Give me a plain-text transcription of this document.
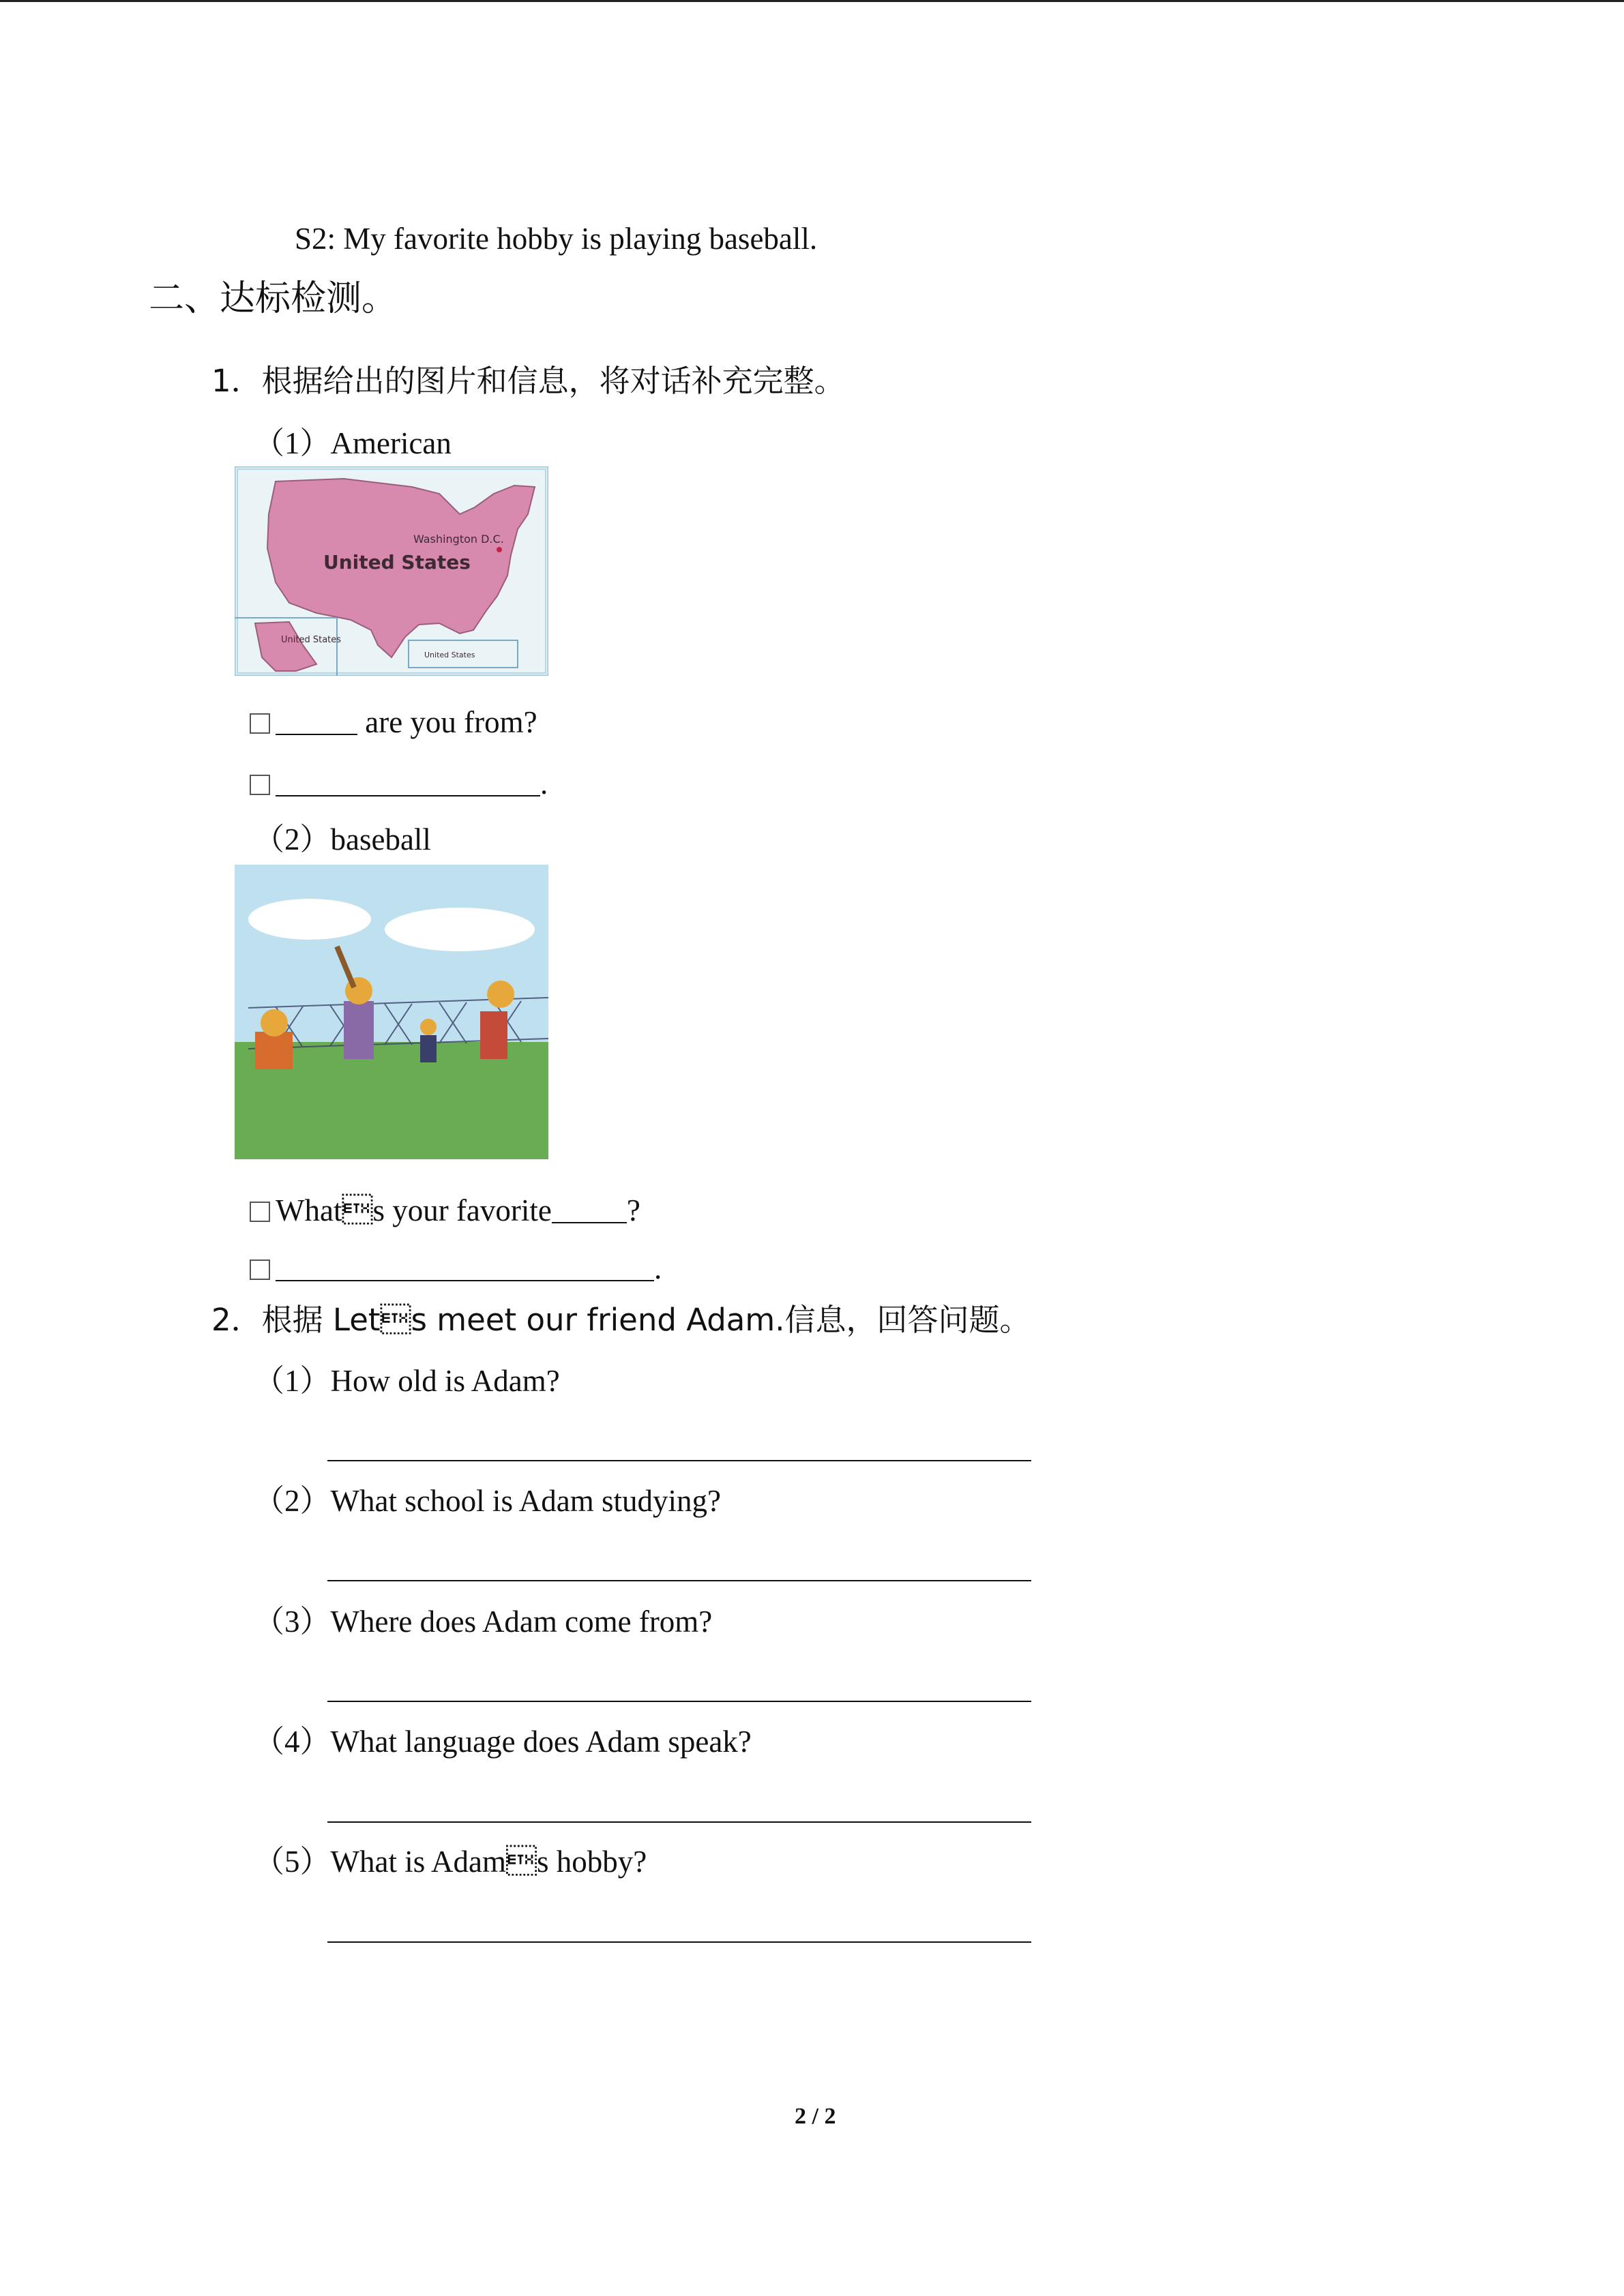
S2: My favorite hobby is playing baseball.
二、达标检测。
1．根据给出的图片和信息，将对话补充完整。
（1）American
United States
Washington D.C.
United States
United States
are you from?
.
（2）baseball
Whats your favorite ?
.
2．根据 Lets meet our friend Adam.信息，回答问题。
（1）How old is Adam?
（2）What school is Adam studying?
（3）Where does Adam come from?
（4）What language does Adam speak?
（5）What is Adams hobby?
2 / 2
